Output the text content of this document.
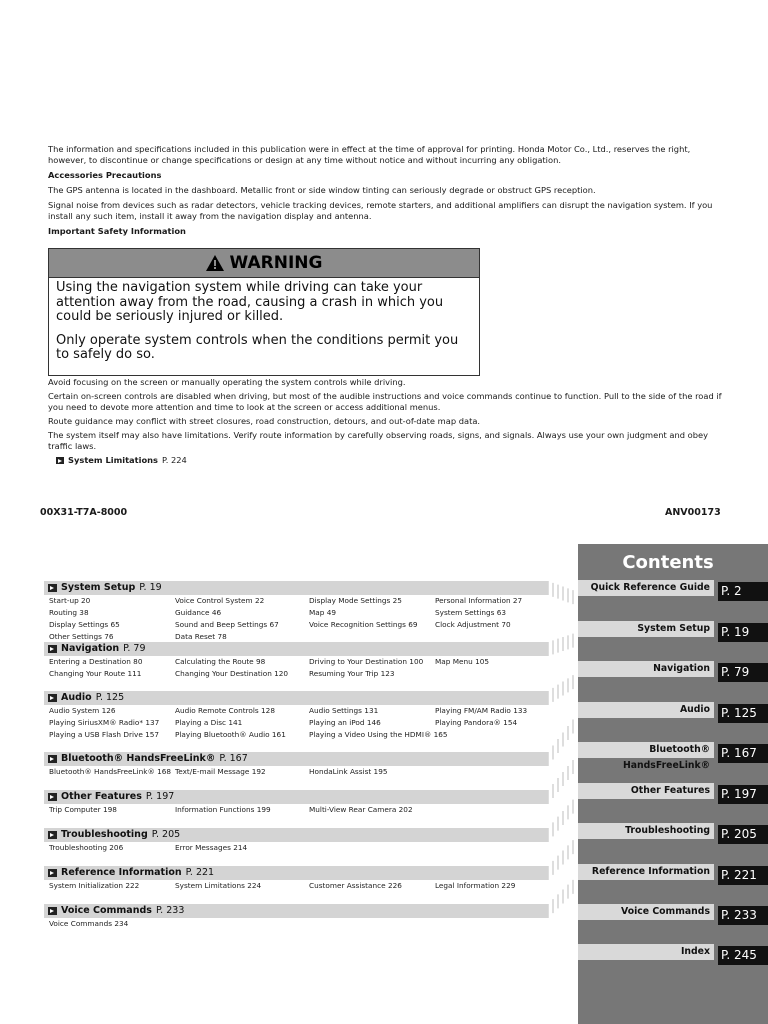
The information and specifications included in this publication were in effect at the time of approval for printing. Honda Motor Co., Ltd., reserves the right, however, to discontinue or change specifications or design at any time without notice and without incurring any obligation.

Accessories Precautions

The GPS antenna is located in the dashboard. Metallic front or side window tinting can seriously degrade or obstruct GPS reception.

Signal noise from devices such as radar detectors, vehicle tracking devices, remote starters, and additional amplifiers can disrupt the navigation system. If you install any such item, install it away from the navigation display and antenna.

Important Safety Information

WARNING

Using the navigation system while driving can take your attention away from the road, causing a crash in which you could be seriously injured or killed.

Only operate system controls when the conditions permit you to safely do so.

Avoid focusing on the screen or manually operating the system controls while driving.

Certain on-screen controls are disabled when driving, but most of the audible instructions and voice commands continue to function. Pull to the side of the road if you need to devote more attention and time to look at the screen or access additional menus.

Route guidance may conflict with street closures, road construction, detours, and out-of-date map data.

The system itself may also have limitations. Verify route information by carefully observing roads, signs, and signals. Always use your own judgment and obey traffic laws.

System Limitations P. 224
00X31-T7A-8000	ANV00173
Contents
Quick Reference Guide P. 2
System Setup P. 19
Navigation P. 79
Audio P. 125
Bluetooth® HandsFreeLink®
P. 167
Other Features P. 197
Troubleshooting P. 205
Reference Information P. 221
Voice Commands P. 233
Index P. 245
System Setup P. 19
Start-up 20	Voice Control System 22	Display Mode Settings 25	Personal Information 27
Routing 38	Guidance 46	Map 49	System Settings 63
Display Settings 65	Sound and Beep Settings 67	Voice Recognition Settings 69	Clock Adjustment 70
Other Settings 76	Data Reset 78
Navigation P. 79
Entering a Destination 80	Calculating the Route 98	Driving to Your Destination 100	Map Menu 105
Changing Your Route 111	Changing Your Destination 120	Resuming Your Trip 123
Audio P. 125
Audio System 126	Audio Remote Controls 128	Audio Settings 131	Playing FM/AM Radio 133
Playing SiriusXM® Radio* 137	Playing a Disc 141	Playing an iPod 146	Playing Pandora® 154
Playing a USB Flash Drive 157	Playing Bluetooth® Audio 161	Playing a Video Using the HDMI® 165
Bluetooth® HandsFreeLink® P. 167
Bluetooth® HandsFreeLink® 168 Text/E-mail Message 192	HondaLink Assist 195
Other Features P. 197
Trip Computer 198	Information Functions 199	Multi-View Rear Camera 202
Troubleshooting P. 205
Troubleshooting 206	Error Messages 214
Reference Information P. 221
System Initialization 222	System Limitations 224	Customer Assistance 226	Legal Information 229
Voice Commands P. 233
Voice Commands 234
